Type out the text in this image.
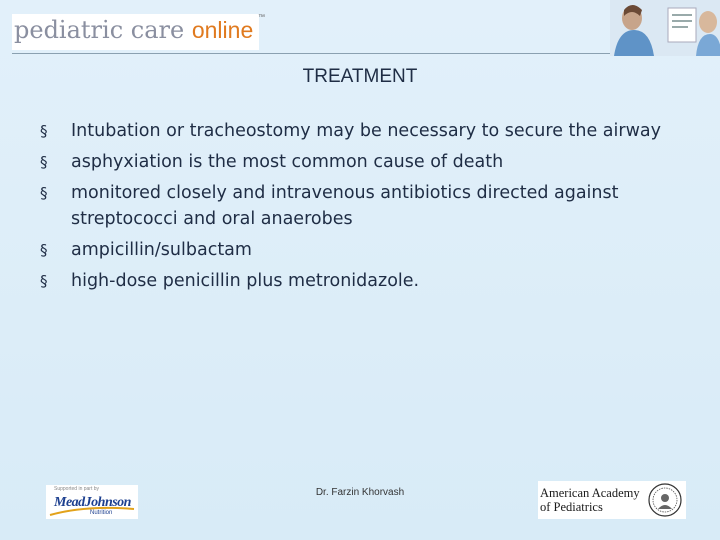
pediatric care online ™
TREATMENT
§ Intubation or tracheostomy may be necessary to secure the airway
§ asphyxiation is the most common cause of death
§ monitored closely and intravenous antibiotics directed against streptococci and oral anaerobes
§ ampicillin/sulbactam
§ high-dose penicillin plus metronidazole.
Supported in part by
MeadJohnson
Nutrition
Dr. Farzin Khorvash	American Academy
of Pediatrics
